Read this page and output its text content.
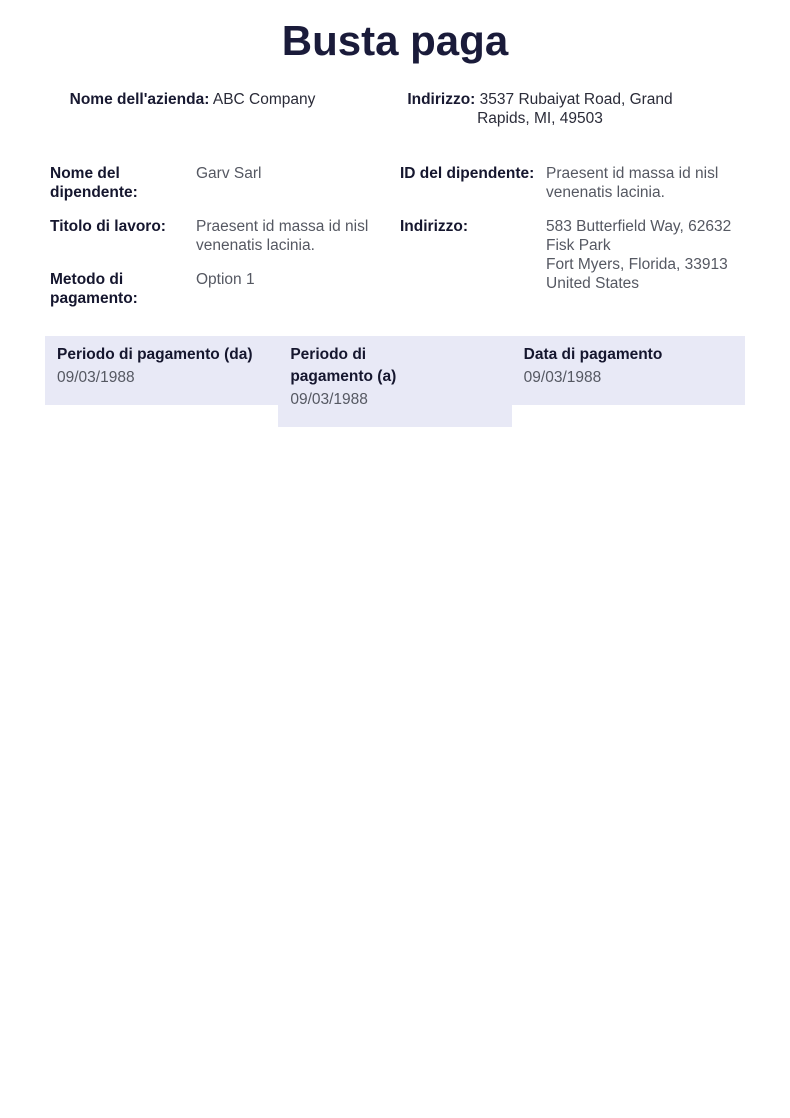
Busta paga
Nome dell'azienda: ABC Company	Indirizzo: 3537 Rubaiyat Road, Grand Rapids, MI, 49503
Nome del dipendente:
Garv Sarl
Titolo di lavoro:	Praesent id massa id nisl venenatis lacinia.
Metodo di pagamento:
Option 1
ID del dipendente: Praesent id massa id nisl venenatis lacinia.
Indirizzo:	583 Butterfield Way, 62632 Fisk Park
Fort Myers, Florida, 33913
United States
Periodo di pagamento (da)
09/03/1988
Periodo di pagamento (a)
09/03/1988
Data di pagamento
09/03/1988
